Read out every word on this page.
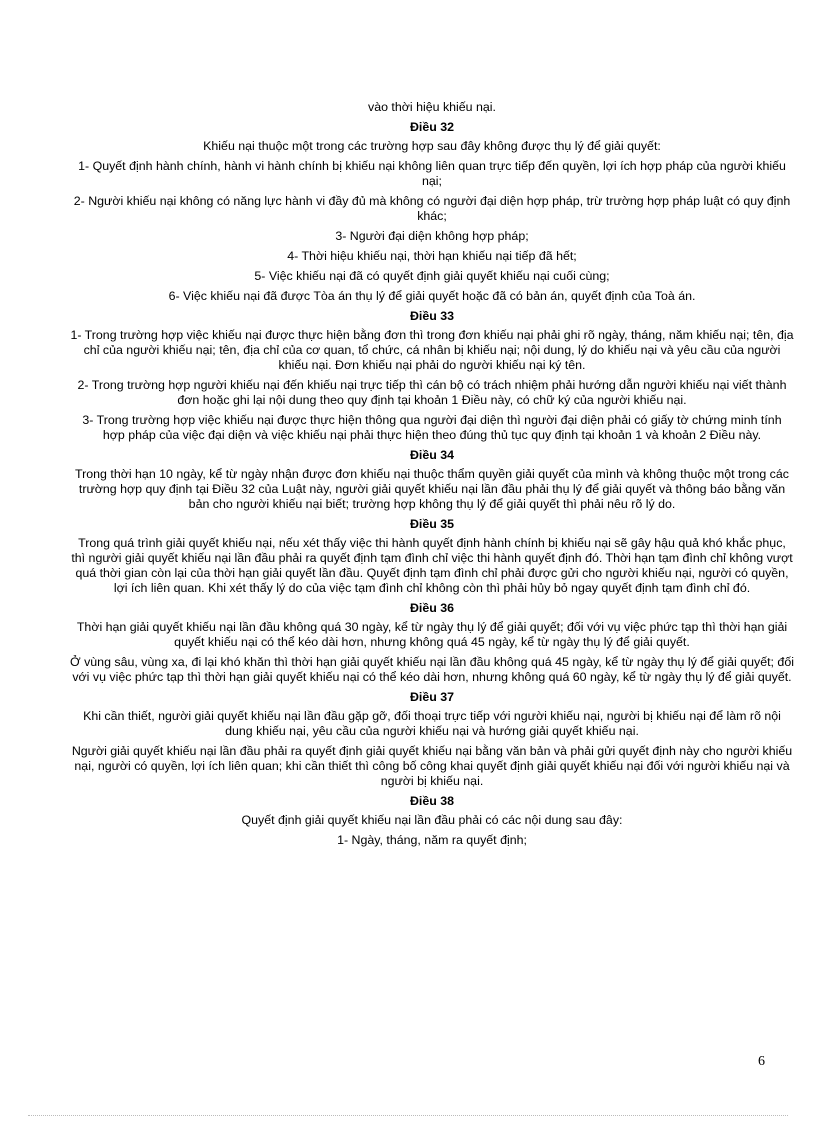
vào thời hiệu khiếu nại.

Điều 32

Khiếu nại thuộc một trong các trường hợp sau đây không được thụ lý để giải quyết:

1- Quyết định hành chính, hành vi hành chính bị khiếu nại không liên quan trực tiếp đến quyền, lợi ích hợp pháp của người khiếu nại;

2- Người khiếu nại không có năng lực hành vi đầy đủ mà không có người đại diện hợp pháp, trừ trường hợp pháp luật có quy định khác;

3- Người đại diện không hợp pháp;

4- Thời hiệu khiếu nại, thời hạn khiếu nại tiếp đã hết;

5- Việc khiếu nại đã có quyết định giải quyết khiếu nại cuối cùng;

6- Việc khiếu nại đã được Tòa án thụ lý để giải quyết hoặc đã có bản án, quyết định của Toà án.

Điều 33

1- Trong trường hợp việc khiếu nại được thực hiện bằng đơn thì trong đơn khiếu nại phải ghi rõ ngày, tháng, năm khiếu nại; tên, địa chỉ của người khiếu nại; tên, địa chỉ của cơ quan, tổ chức, cá nhân bị khiếu nại; nội dung, lý do khiếu nại và yêu cầu của người khiếu nại. Đơn khiếu nại phải do người khiếu nại ký tên.

2- Trong trường hợp người khiếu nại đến khiếu nại trực tiếp thì cán bộ có trách nhiệm phải hướng dẫn người khiếu nại viết thành đơn hoặc ghi lại nội dung theo quy định tại khoản 1 Điều này, có chữ ký của người khiếu nại.

3- Trong trường hợp việc khiếu nại được thực hiện thông qua người đại diện thì người đại diện phải có giấy tờ chứng minh tính hợp pháp của việc đại diện và việc khiếu nại phải thực hiện theo đúng thủ tục quy định tại khoản 1 và khoản 2 Điều này.

Điều 34

Trong thời hạn 10 ngày, kể từ ngày nhận được đơn khiếu nại thuộc thẩm quyền giải quyết của mình và không thuộc một trong các trường hợp quy định tại Điều 32 của Luật này, người giải quyết khiếu nại lần đầu phải thụ lý để giải quyết và thông báo bằng văn bản cho người khiếu nại biết; trường hợp không thụ lý để giải quyết thì phải nêu rõ lý do.

Điều 35

Trong quá trình giải quyết khiếu nại, nếu xét thấy việc thi hành quyết định hành chính bị khiếu nại sẽ gây hậu quả khó khắc phục, thì người giải quyết khiếu nại lần đầu phải ra quyết định tạm đình chỉ việc thi hành quyết định đó. Thời hạn tạm đình chỉ không vượt quá thời gian còn lại của thời hạn giải quyết lần đầu. Quyết định tạm đình chỉ phải được gửi cho người khiếu nại, người có quyền, lợi ích liên quan. Khi xét thấy lý do của việc tạm đình chỉ không còn thì phải hủy bỏ ngay quyết định tạm đình chỉ đó.

Điều 36

Thời hạn giải quyết khiếu nại lần đầu không quá 30 ngày, kể từ ngày thụ lý để giải quyết; đối với vụ việc phức tạp thì thời hạn giải quyết khiếu nại có thể kéo dài hơn, nhưng không quá 45 ngày, kể từ ngày thụ lý để giải quyết.

Ở vùng sâu, vùng xa, đi lại khó khăn thì thời hạn giải quyết khiếu nại lần đầu không quá 45 ngày, kể từ ngày thụ lý để giải quyết; đối với vụ việc phức tạp thì thời hạn giải quyết khiếu nại có thể kéo dài hơn, nhưng không quá 60 ngày, kể từ ngày thụ lý để giải quyết.

Điều 37

Khi cần thiết, người giải quyết khiếu nại lần đầu gặp gỡ, đối thoại trực tiếp với người khiếu nại, người bị khiếu nại để làm rõ nội dung khiếu nại, yêu cầu của người khiếu nại và hướng giải quyết khiếu nại.

Người giải quyết khiếu nại lần đầu phải ra quyết định giải quyết khiếu nại bằng văn bản và phải gửi quyết định này cho người khiếu nại, người có quyền, lợi ích liên quan; khi cần thiết thì công bố công khai quyết định giải quyết khiếu nại đối với người khiếu nại và người bị khiếu nại.

Điều 38

Quyết định giải quyết khiếu nại lần đầu phải có các nội dung sau đây:

1- Ngày, tháng, năm ra quyết định;

6
